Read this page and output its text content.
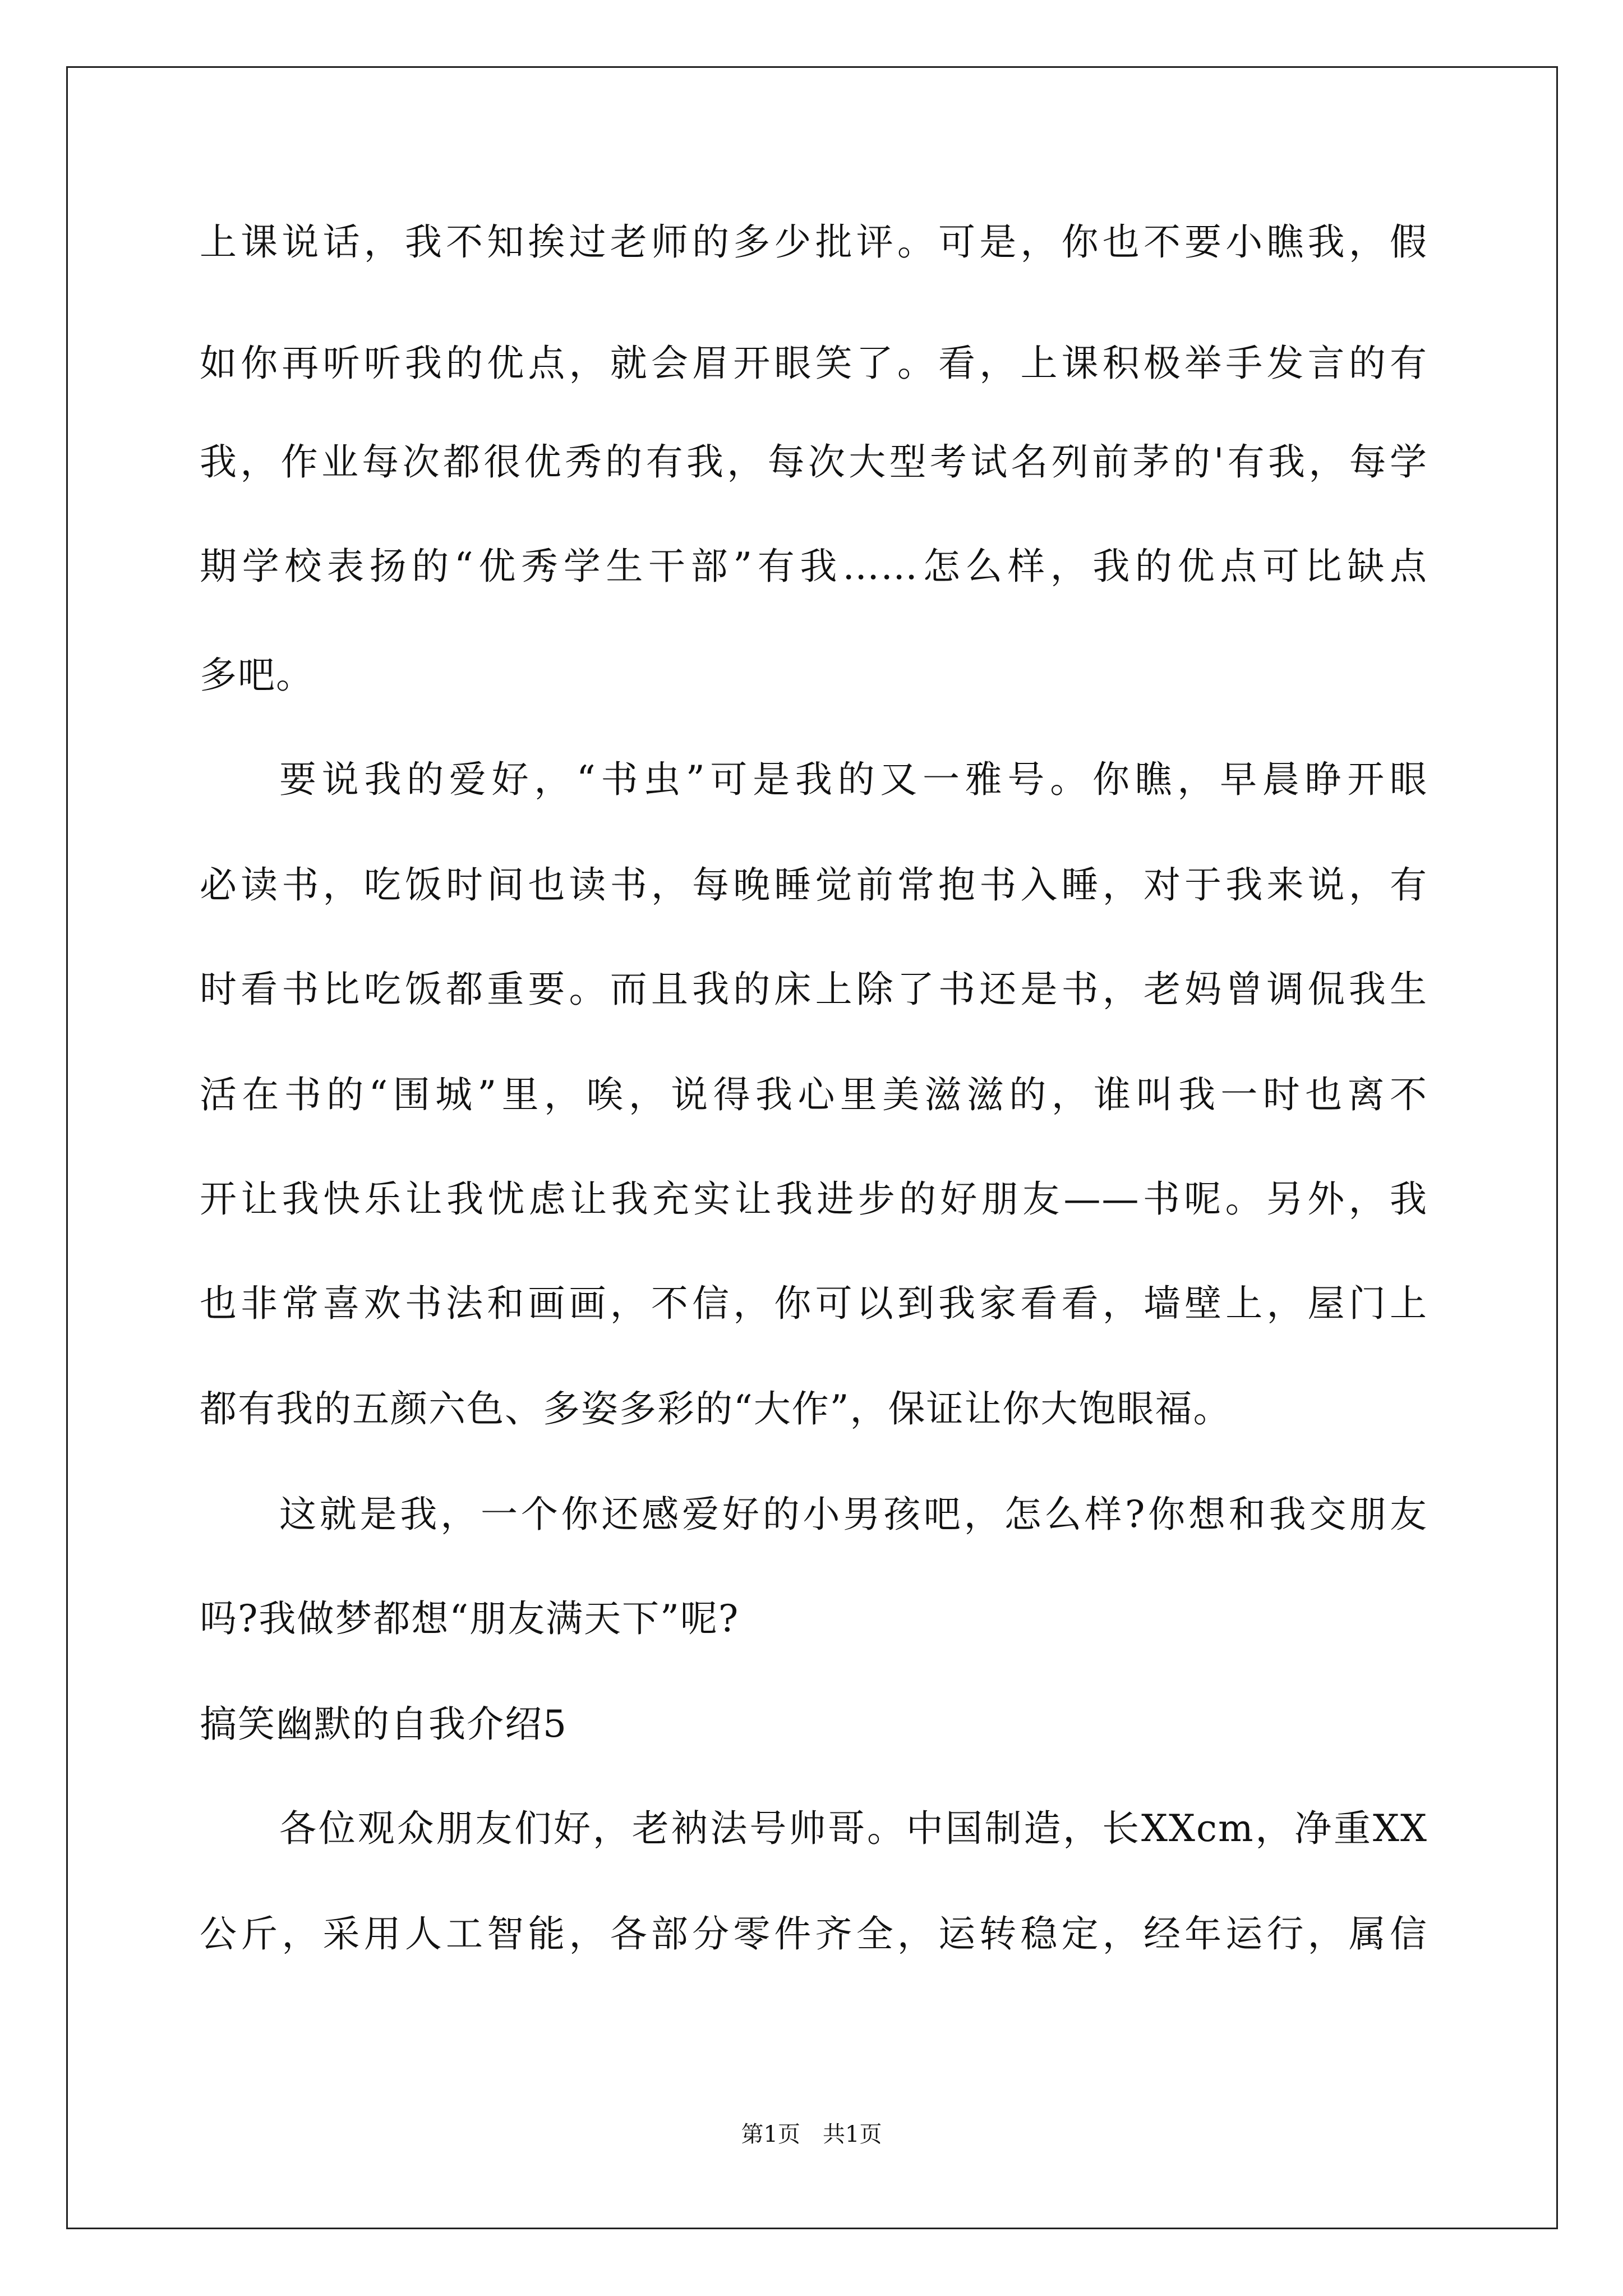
上课说话，我不知挨过老师的多少批评。可是，你也不要小瞧我，假
如你再听听我的优点，就会眉开眼笑了。看，上课积极举手发言的有
我，作业每次都很优秀的有我，每次大型考试名列前茅的'有我，每学
期学校表扬的“优秀学生干部”有我……怎么样，我的优点可比缺点
多吧。
要说我的爱好，“书虫”可是我的又一雅号。你瞧，早晨睁开眼
必读书，吃饭时间也读书，每晚睡觉前常抱书入睡，对于我来说，有
时看书比吃饭都重要。而且我的床上除了书还是书，老妈曾调侃我生
活在书的“围城”里，唉，说得我心里美滋滋的，谁叫我一时也离不
开让我快乐让我忧虑让我充实让我进步的好朋友——书呢。另外，我
也非常喜欢书法和画画，不信，你可以到我家看看，墙壁上，屋门上
都有我的五颜六色、多姿多彩的“大作”，保证让你大饱眼福。
这就是我，一个你还感爱好的小男孩吧，怎么样?你想和我交朋友
吗?我做梦都想“朋友满天下”呢?
搞笑幽默的自我介绍5
各位观众朋友们好，老衲法号帅哥。中国制造，长XXcm，净重XX
公斤，采用人工智能，各部分零件齐全，运转稳定，经年运行，属信
第1页　共1页
